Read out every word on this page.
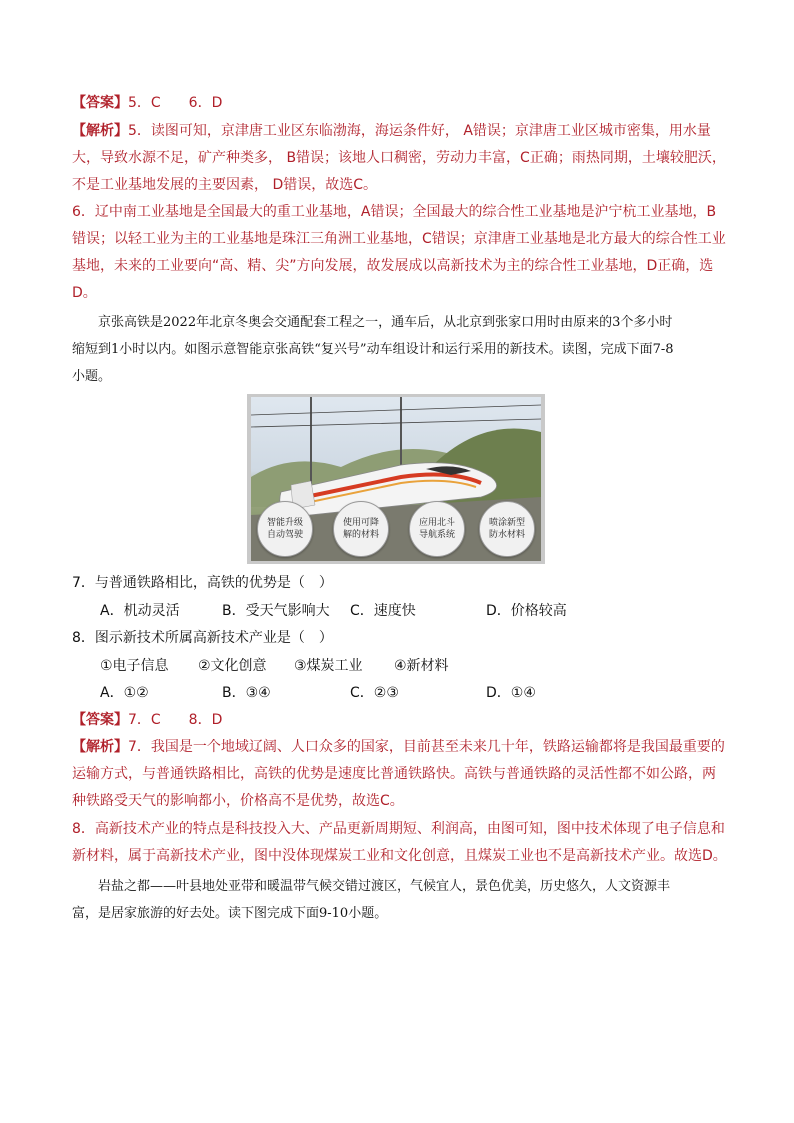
【答案】5．C　　6．D
【解析】5．读图可知，京津唐工业区东临渤海，海运条件好， A错误；京津唐工业区城市密集，用水量
大，导致水源不足，矿产种类多， B错误；该地人口稠密，劳动力丰富，C正确；雨热同期，土壤较肥沃，
不是工业基地发展的主要因素， D错误，故选C。
6．辽中南工业基地是全国最大的重工业基地，A错误；全国最大的综合性工业基地是沪宁杭工业基地，B
错误；以轻工业为主的工业基地是珠江三角洲工业基地，C错误；京津唐工业基地是北方最大的综合性工业
基地，未来的工业要向“高、精、尖”方向发展，故发展成以高新技术为主的综合性工业基地，D正确，选
D。
京张高铁是2022年北京冬奥会交通配套工程之一，通车后，从北京到张家口用时由原来的3个多小时
缩短到1小时以内。如图示意智能京张高铁“复兴号”动车组设计和运行采用的新技术。读图，完成下面7-8
小题。
智能升级
自动驾驶
使用可降
解的材料
应用北斗
导航系统
喷涂新型
防水材料
7．与普通铁路相比，高铁的优势是（　）
A．机动灵活	B．受天气影响大 C．速度快	D．价格较高
8．图示新技术所属高新技术产业是（　）
①电子信息 ②文化创意 ③煤炭工业 ④新材料
A．①②	B．③④	C．②③	D．①④
【答案】7．C　　8．D
【解析】7．我国是一个地域辽阔、人口众多的国家，目前甚至未来几十年，铁路运输都将是我国最重要的
运输方式，与普通铁路相比，高铁的优势是速度比普通铁路快。高铁与普通铁路的灵活性都不如公路，两
种铁路受天气的影响都小，价格高不是优势，故选C。
8．高新技术产业的特点是科技投入大、产品更新周期短、利润高，由图可知，图中技术体现了电子信息和
新材料，属于高新技术产业，图中没体现煤炭工业和文化创意，且煤炭工业也不是高新技术产业。故选D。
岩盐之都——叶县地处亚带和暖温带气候交错过渡区，气候宜人，景色优美，历史悠久，人文资源丰
富，是居家旅游的好去处。读下图完成下面9-10小题。
